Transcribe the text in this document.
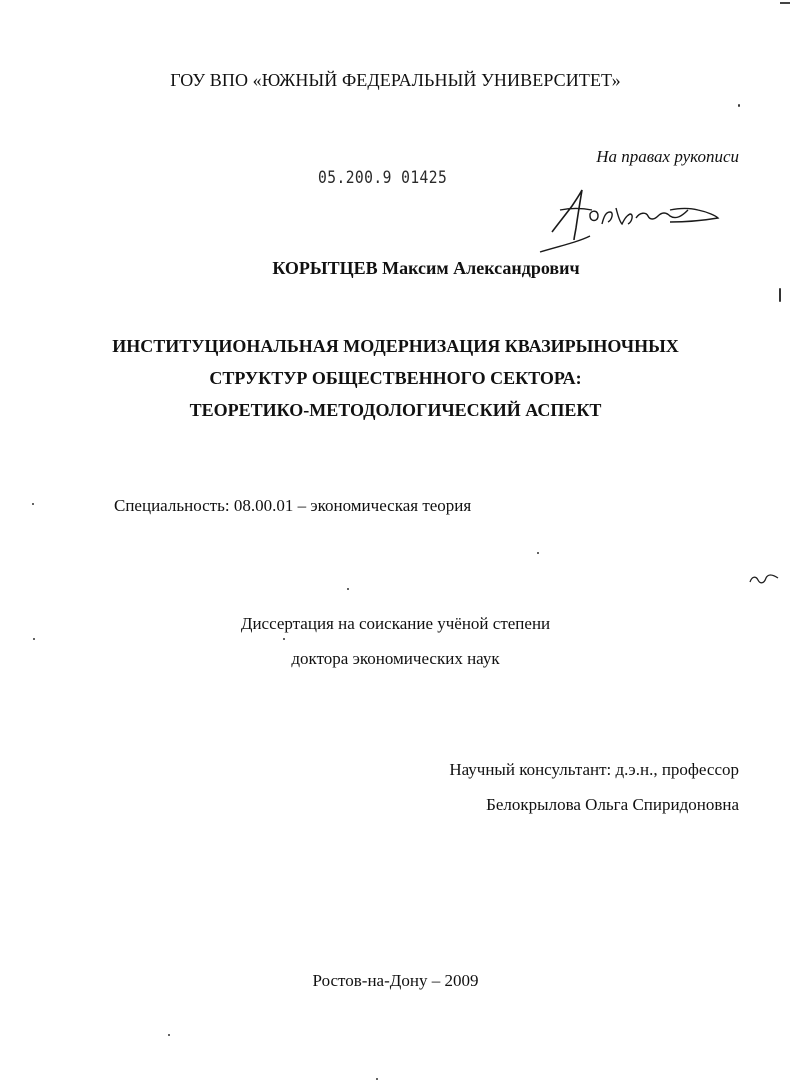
ГОУ ВПО «ЮЖНЫЙ ФЕДЕРАЛЬНЫЙ УНИВЕРСИТЕТ»
На правах рукописи
05.200.9 01425
КОРЫТЦЕВ Максим Александрович
ИНСТИТУЦИОНАЛЬНАЯ МОДЕРНИЗАЦИЯ КВАЗИРЫНОЧНЫХ
СТРУКТУР ОБЩЕСТВЕННОГО СЕКТОРА:
ТЕОРЕТИКО-МЕТОДОЛОГИЧЕСКИЙ АСПЕКТ
Специальность: 08.00.01 – экономическая теория
Диссертация на соискание учёной степени
доктора экономических наук
Научный консультант: д.э.н., профессор
Белокрылова Ольга Спиридоновна
Ростов-на-Дону – 2009
